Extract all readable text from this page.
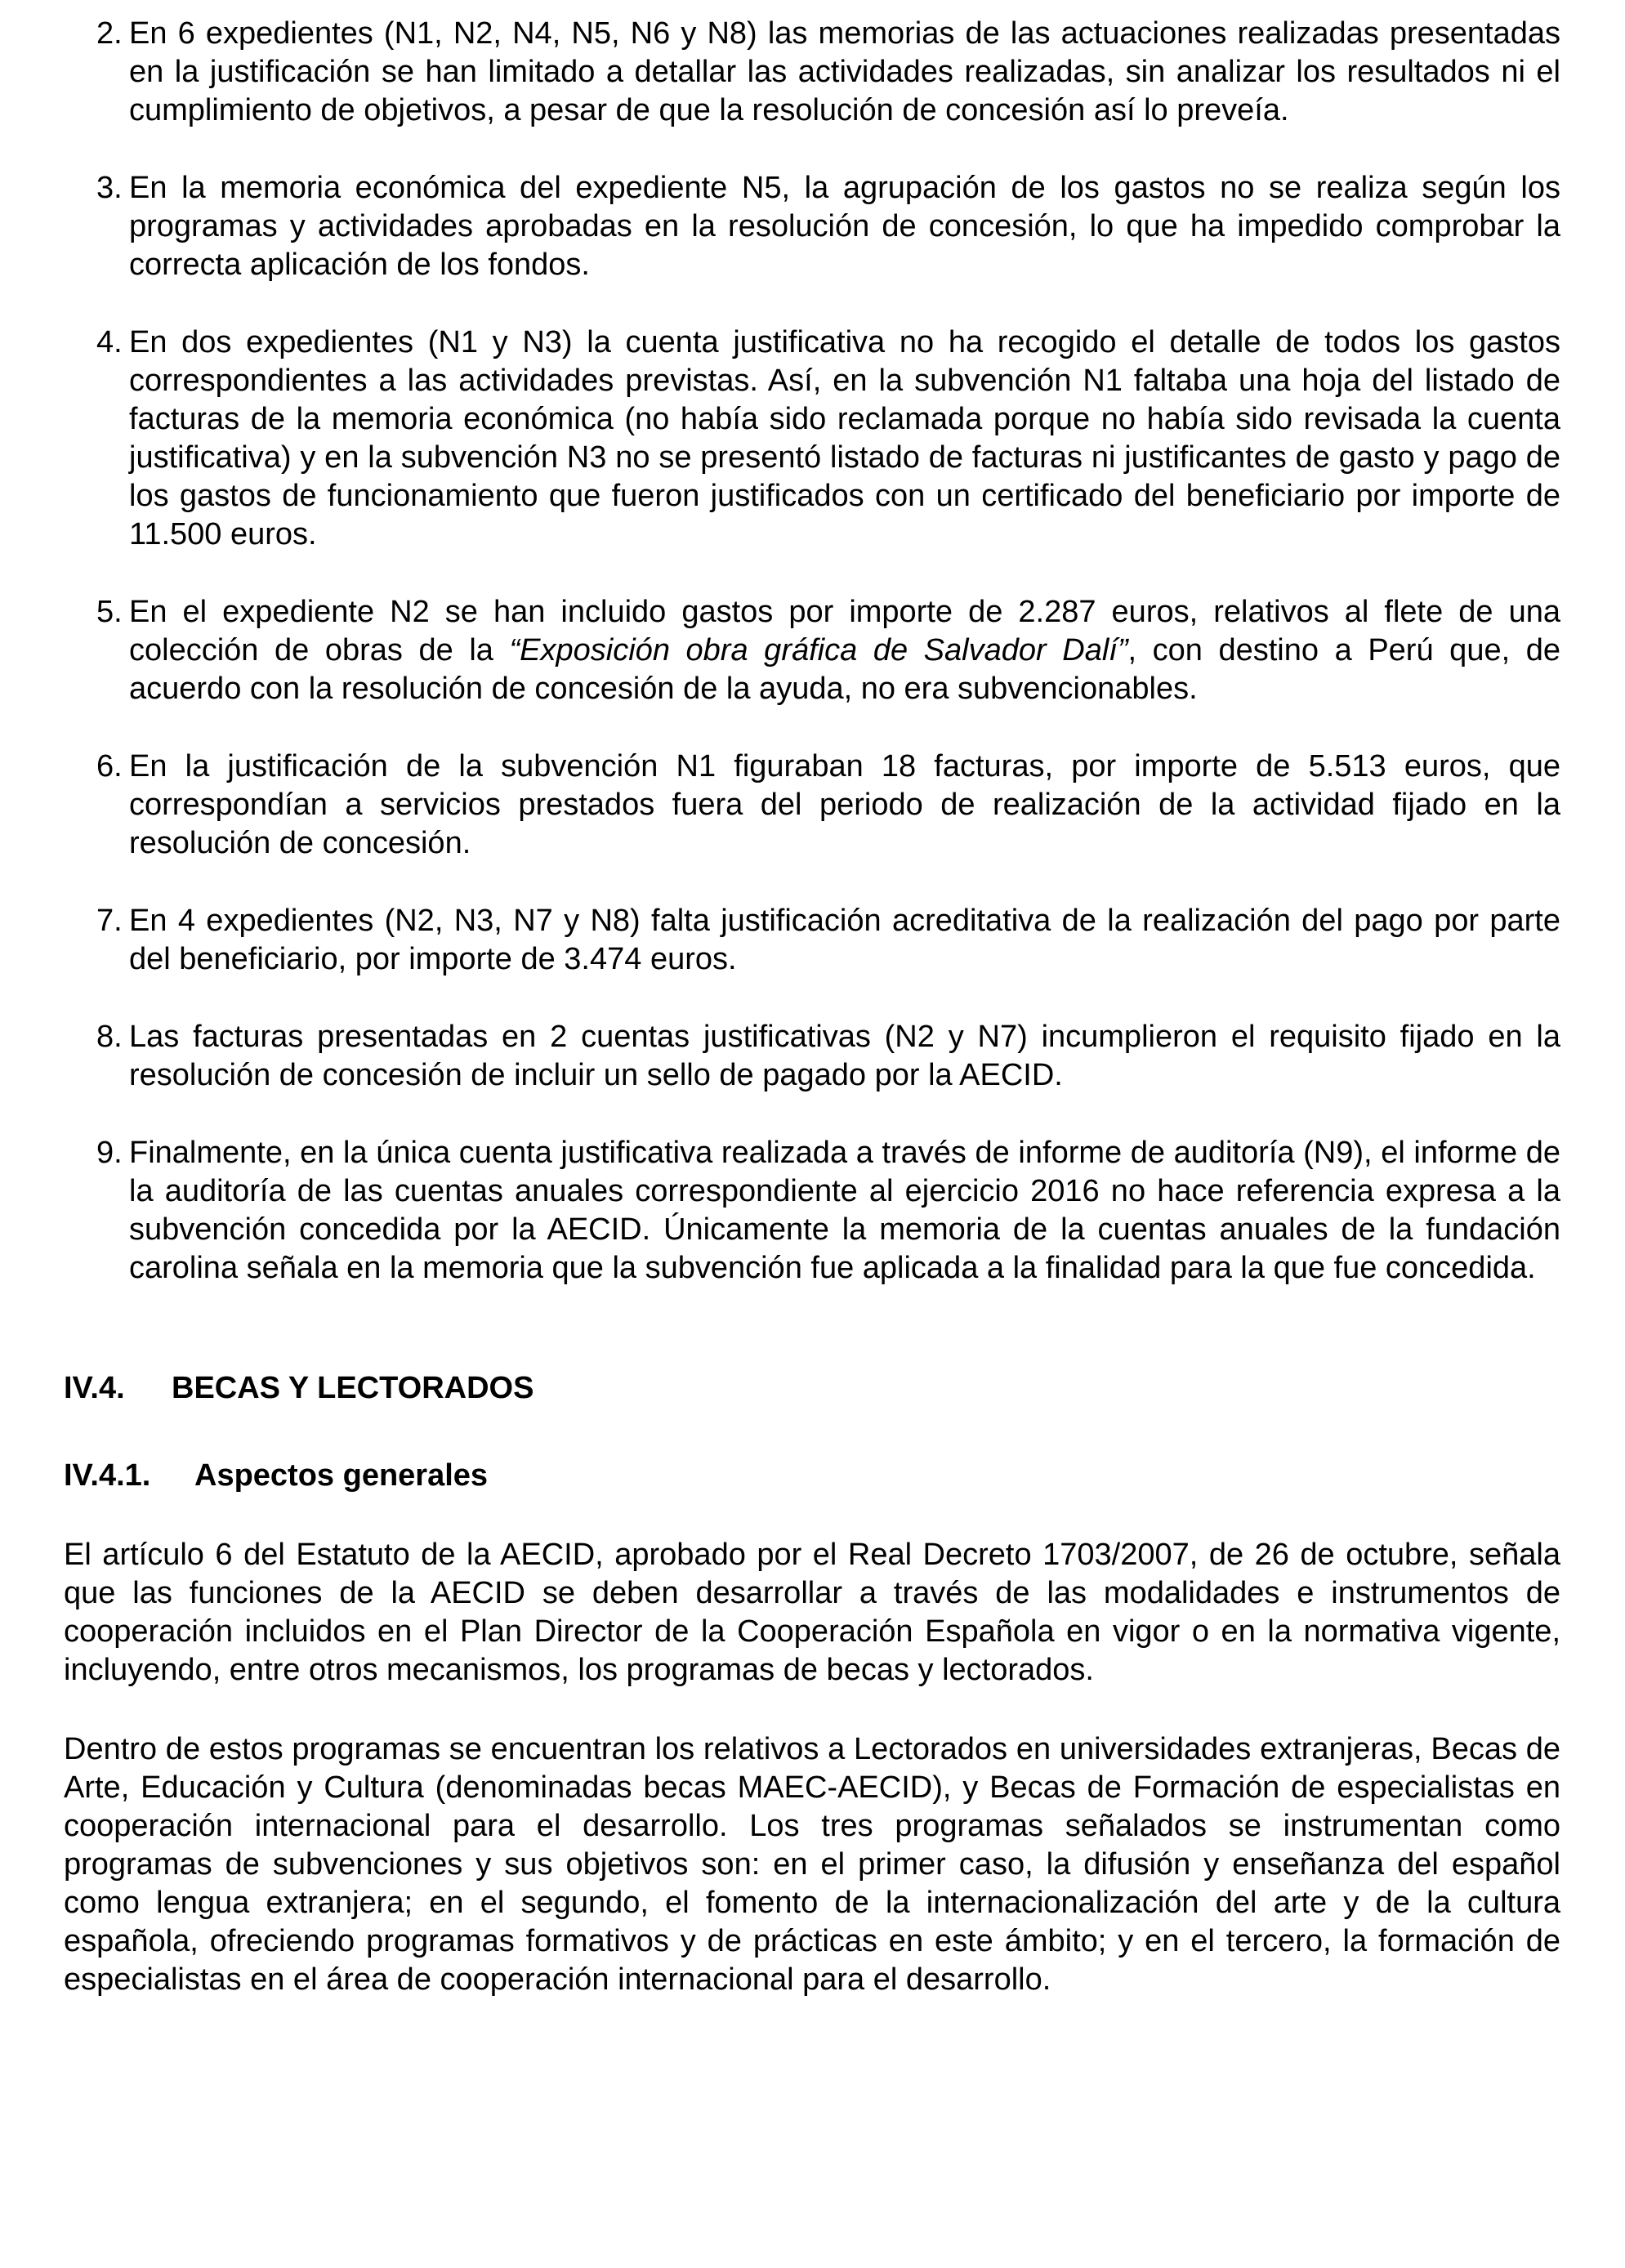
2. En 6 expedientes (N1, N2, N4, N5, N6 y N8) las memorias de las actuaciones realizadas presentadas en la justificación se han limitado a detallar las actividades realizadas, sin analizar los resultados ni el cumplimiento de objetivos, a pesar de que la resolución de concesión así lo preveía.
3. En la memoria económica del expediente N5, la agrupación de los gastos no se realiza según los programas y actividades aprobadas en la resolución de concesión, lo que ha impedido comprobar la correcta aplicación de los fondos.
4. En dos expedientes (N1 y N3) la cuenta justificativa no ha recogido el detalle de todos los gastos correspondientes a las actividades previstas. Así, en la subvención N1 faltaba una hoja del listado de facturas de la memoria económica (no había sido reclamada porque no había sido revisada la cuenta justificativa) y en la subvención N3 no se presentó listado de facturas ni justificantes de gasto y pago de los gastos de funcionamiento que fueron justificados con un certificado del beneficiario por importe de 11.500 euros.
5. En el expediente N2 se han incluido gastos por importe de 2.287 euros, relativos al flete de una colección de obras de la “Exposición obra gráfica de Salvador Dalí”, con destino a Perú que, de acuerdo con la resolución de concesión de la ayuda, no era subvencionables.
6. En la justificación de la subvención N1 figuraban 18 facturas, por importe de 5.513 euros, que correspondían a servicios prestados fuera del periodo de realización de la actividad fijado en la resolución de concesión.
7. En 4 expedientes (N2, N3, N7 y N8) falta justificación acreditativa de la realización del pago por parte del beneficiario, por importe de 3.474 euros.
8. Las facturas presentadas en 2 cuentas justificativas (N2 y N7) incumplieron el requisito fijado en la resolución de concesión de incluir un sello de pagado por la AECID.
9. Finalmente, en la única cuenta justificativa realizada a través de informe de auditoría (N9), el informe de la auditoría de las cuentas anuales correspondiente al ejercicio 2016 no hace referencia expresa a la subvención concedida por la AECID. Únicamente la memoria de la cuentas anuales de la fundación carolina señala en la memoria que la subvención fue aplicada a la finalidad para la que fue concedida.
IV.4. BECAS Y LECTORADOS
IV.4.1. Aspectos generales

El artículo 6 del Estatuto de la AECID, aprobado por el Real Decreto 1703/2007, de 26 de octubre, señala que las funciones de la AECID se deben desarrollar a través de las modalidades e instrumentos de cooperación incluidos en el Plan Director de la Cooperación Española en vigor o en la normativa vigente, incluyendo, entre otros mecanismos, los programas de becas y lectorados.

Dentro de estos programas se encuentran los relativos a Lectorados en universidades extranjeras, Becas de Arte, Educación y Cultura (denominadas becas MAEC-AECID), y Becas de Formación de especialistas en cooperación internacional para el desarrollo. Los tres programas señalados se instrumentan como programas de subvenciones y sus objetivos son: en el primer caso, la difusión y enseñanza del español como lengua extranjera; en el segundo, el fomento de la internacionalización del arte y de la cultura española, ofreciendo programas formativos y de prácticas en este ámbito; y en el tercero, la formación de especialistas en el área de cooperación internacional para el desarrollo.
